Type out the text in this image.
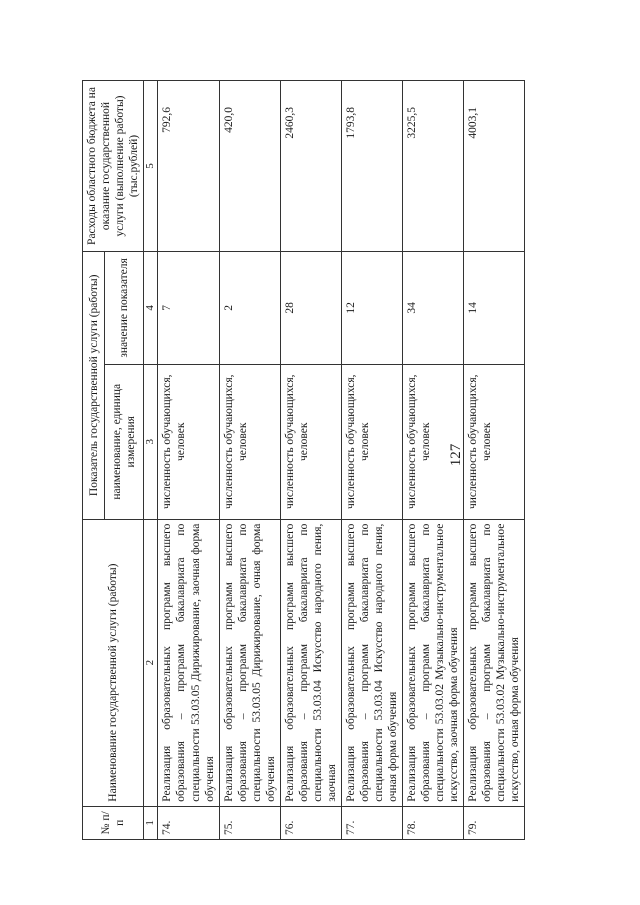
127
№ п/п	Наименование государственной услуги (работы)	Показатель государственной услуги (работы)		Расходы областного бюджета на оказание государственной услуги (выполнение работы) (тыс.рублей)
		наименование, единица измерения	значение показателя	
1	2	3	4	5
74.	Реализация образовательных программ высшего образования – программ бакалавриата по специальности 53.03.05 Дирижирование, заочная форма обучения	численность обучающихся, человек	7	792,6
75.	Реализация образовательных программ высшего образования – программ бакалавриата по специальности 53.03.05 Дирижирование, очная форма обучения	численность обучающихся, человек	2	420,0
76.	Реализация образовательных программ высшего образования – программ бакалавриата по специальности 53.03.04 Искусство народного пения, заочная	численность обучающихся, человек	28	2460,3
77.	Реализация образовательных программ высшего образования – программ бакалавриата по специальности 53.03.04 Искусство народного пения, очная форма обучения	численность обучающихся, человек	12	1793,8
78.	Реализация образовательных программ высшего образования – программ бакалавриата по специальности 53.03.02 Музыкально-инструментальное искусство, заочная форма обучения	численность обучающихся, человек	34	3225,5
79.	Реализация образовательных программ высшего образования – программ бакалавриата по специальности 53.03.02 Музыкально-инструментальное искусство, очная форма обучения	численность обучающихся, человек	14	4003,1
